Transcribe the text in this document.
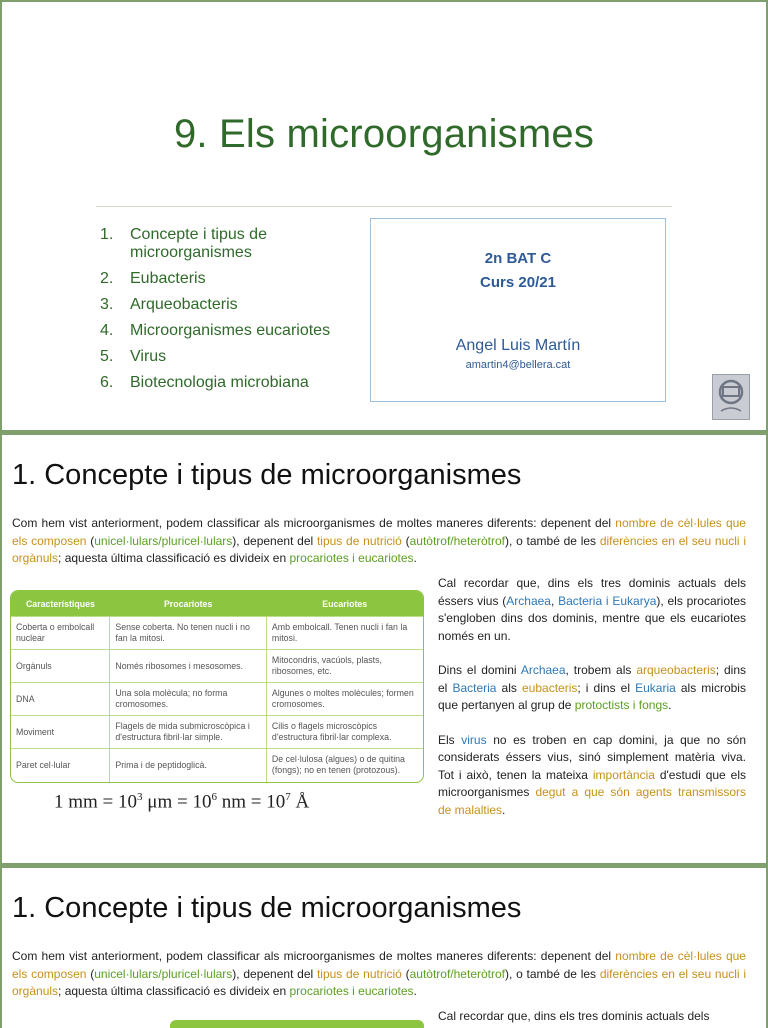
9. Els microorganismes
1.	Concepte i tipus de microorganismes
2.	Eubacteris
3.	Arqueobacteris
4.	Microorganismes eucariotes
5.	Virus
6.	Biotecnologia microbiana
2n BAT C
Curs 20/21
Angel Luis Martín
amartin4@bellera.cat
1. Concepte i tipus de microorganismes
Com hem vist anteriorment, podem classificar als microorganismes de moltes maneres diferents: depenent del nombre de cèl·lules que els composen (unicel·lulars/pluricel·lulars), depenent del tipus de nutrició (autòtrof/heteròtrof), o també de les diferències en el seu nucli i orgànuls; aquesta última classificació es divideix en procariotes i eucariotes.
Característiques	Procariotes	Eucariotes
Coberta o embolcall nuclear	Sense coberta. No tenen nucli i no fan la mitosi.	Amb embolcall. Tenen nucli i fan la mitosi.
Orgànuls	Només ribosomes i mesosomes.	Mitocondris, vacúols, plasts, ribosomes, etc.
DNA	Una sola molècula; no forma cromosomes.	Algunes o moltes molècules; formen cromosomes.
Moviment	Flagels de mida submicroscòpica i d'estructura fibril·lar simple.	Cilis o flagels microscòpics d'estructura fibril·lar complexa.
Paret cel·lular	Prima i de peptidoglicà.	De cel·lulosa (algues) o de quitina (fongs); no en tenen (protozous).
1 mm = $10^3$ $\mu m = 10^6$ nm = $10^7$ Å

Cal recordar que, dins els tres dominis actuals dels éssers vius (Archaea, Bacteria i Eukarya), els procariotes s'engloben dins dos dominis, mentre que els eucariotes només en un.

Dins el domini Archaea, trobem als arqueobacteris; dins el Bacteria als eubacteris; i dins el Eukaria als microbis que pertanyen al grup de protoctists i fongs.

Els virus no es troben en cap domini, ja que no són considerats éssers vius, sinó simplement matèria viva. Tot i això, tenen la mateixa importància d'estudi que els microorganismes degut a que són agents transmissors de malalties.

1. Concepte i tipus de microorganismes
Com hem vist anteriorment, podem classificar als microorganismes de moltes maneres diferents: depenent del nombre de cèl·lules que els composen (unicel·lulars/pluricel·lulars), depenent del tipus de nutrició (autòtrof/heteròtrof), o també de les diferències en el seu nucli i orgànuls; aquesta última classificació es divideix en procariotes i eucariotes.
Cal recordar que, dins els tres dominis actuals dels
